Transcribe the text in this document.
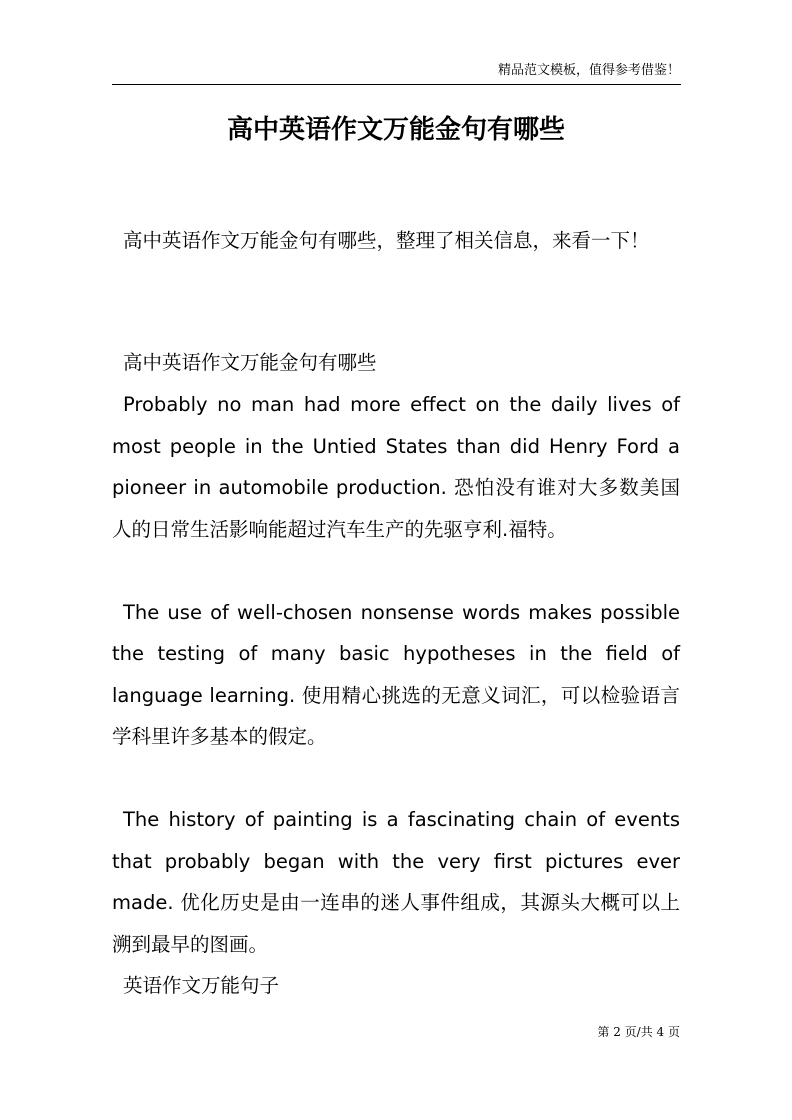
精品范文模板，值得参考借鉴！
高中英语作文万能金句有哪些

高中英语作文万能金句有哪些，整理了相关信息，来看一下！

高中英语作文万能金句有哪些

Probably no man had more effect on the daily lives of most people in the Untied States than did Henry Ford a pioneer in automobile production. 恐怕没有谁对大多数美国人的日常生活影响能超过汽车生产的先驱亨利.福特。

The use of well-chosen nonsense words makes possible the testing of many basic hypotheses in the field of language learning. 使用精心挑选的无意义词汇，可以检验语言学科里许多基本的假定。

The history of painting is a fascinating chain of events that probably began with the very first pictures ever made. 优化历史是由一连串的迷人事件组成，其源头大概可以上溯到最早的图画。

英语作文万能句子

第 2 页/共 4 页
